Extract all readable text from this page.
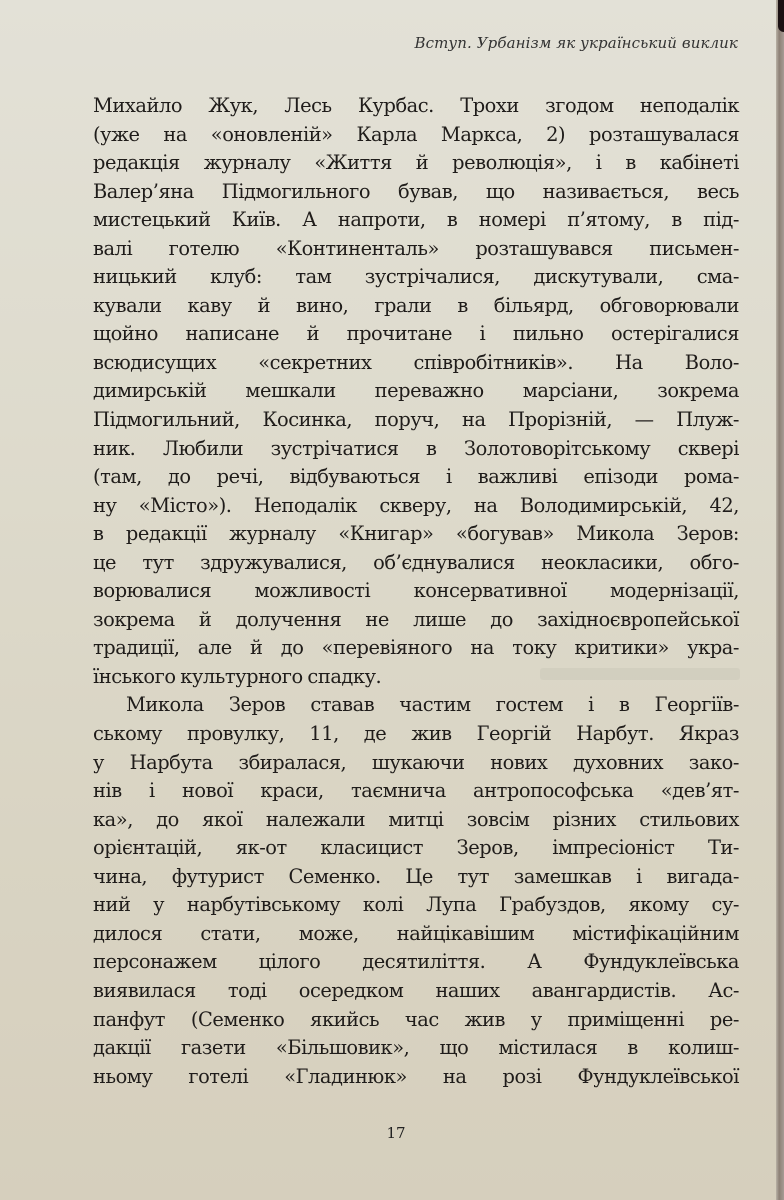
Вступ. Урбанізм як український виклик
Михайло Жук, Лесь Курбас. Трохи згодом неподалік
(уже на «оновленій» Карла Маркса, 2) розташувалася
редакція журналу «Життя й революція», і в кабінеті
Валер’яна Підмогильного бував, що називається, весь
мистецький Київ. А напроти, в номері п’ятому, в під-
валі готелю «Континенталь» розташувався письмен-
ницький клуб: там зустрічалися, дискутували, сма-
кували каву й вино, грали в більярд, обговорювали
щойно написане й прочитане і пильно остерігалися
всюдисущих «секретних співробітників». На Воло-
димирській мешкали переважно марсіани, зокрема
Підмогильний, Косинка, поруч, на Прорізній, — Плуж-
ник. Любили зустрічатися в Золотоворітському сквері
(там, до речі, відбуваються і важливі епізоди рома-
ну «Місто»). Неподалік скверу, на Володимирській, 42,
в редакції журналу «Книгар» «богував» Микола Зеров:
це тут здружувалися, об’єднувалися неокласики, обго-
ворювалися можливості консервативної модернізації,
зокрема й долучення не лише до західноєвропейської
традиції, але й до «перевіяного на току критики» укра-
їнського культурного спадку.
Микола Зеров ставав частим гостем і в Георгіїв-
ському провулку, 11, де жив Георгій Нарбут. Якраз
у Нарбута збиралася, шукаючи нових духовних зако-
нів і нової краси, таємнича антропософська «дев’ят-
ка», до якої належали митці зовсім різних стильових
орієнтацій, як-от класицист Зеров, імпресіоніст Ти-
чина, футурист Семенко. Це тут замешкав і вигада-
ний у нарбутівському колі Лупа Грабуздов, якому су-
дилося стати, може, найцікавішим містифікаційним
персонажем цілого десятиліття. А Фундуклеївська
виявилася тоді осередком наших авангардистів. Ас-
панфут (Семенко якийсь час жив у приміщенні ре-
дакції газети «Більшовик», що містилася в колиш-
ньому готелі «Гладинюк» на розі Фундуклеївської
17
